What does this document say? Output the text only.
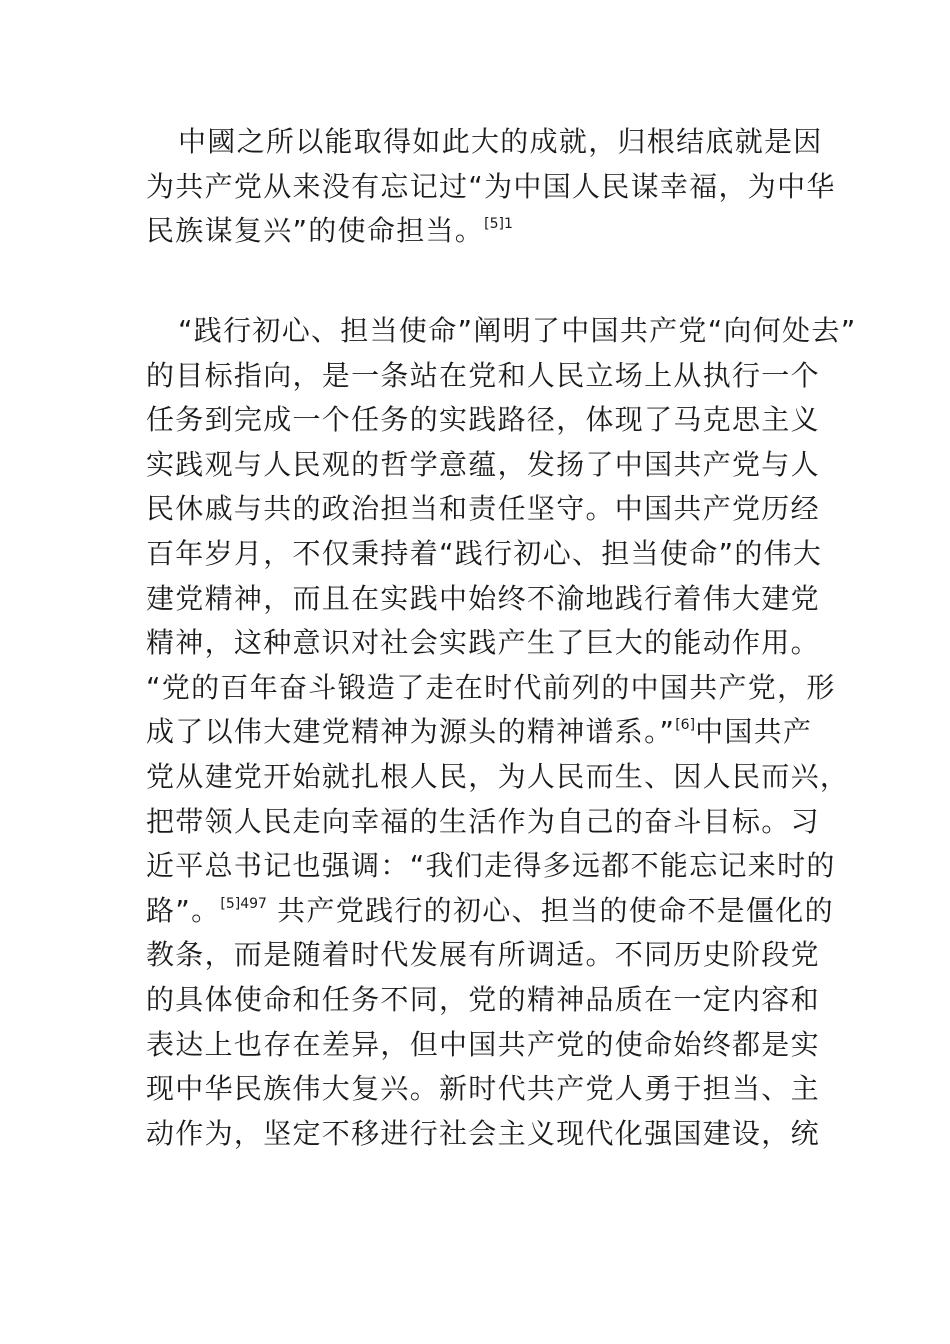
中國之所以能取得如此大的成就，归根结底就是因
为共产党从来没有忘记过“为中国人民谋幸福，为中华
民族谋复兴”的使命担当。$^{[5]1}$
“践行初心、担当使命”阐明了中国共产党“向何处去”
的目标指向，是一条站在党和人民立场上从执行一个
任务到完成一个任务的实践路径，体现了马克思主义
实践观与人民观的哲学意蕴，发扬了中国共产党与人
民休戚与共的政治担当和责任坚守。中国共产党历经
百年岁月，不仅秉持着“践行初心、担当使命”的伟大
建党精神，而且在实践中始终不渝地践行着伟大建党
精神，这种意识对社会实践产生了巨大的能动作用。
“党的百年奋斗锻造了走在时代前列的中国共产党，形
成了以伟大建党精神为源头的精神谱系。”[6]中国共产
党从建党开始就扎根人民，为人民而生、因人民而兴，
把带领人民走向幸福的生活作为自己的奋斗目标。习
近平总书记也强调：“我们走得多远都不能忘记来时的
路”。$^{[5]497}$ 共产党践行的初心、担当的使命不是僵化的
教条，而是随着时代发展有所调适。不同历史阶段党
的具体使命和任务不同，党的精神品质在一定内容和
表达上也存在差异，但中国共产党的使命始终都是实
现中华民族伟大复兴。新时代共产党人勇于担当、主
动作为，坚定不移进行社会主义现代化强国建设，统
